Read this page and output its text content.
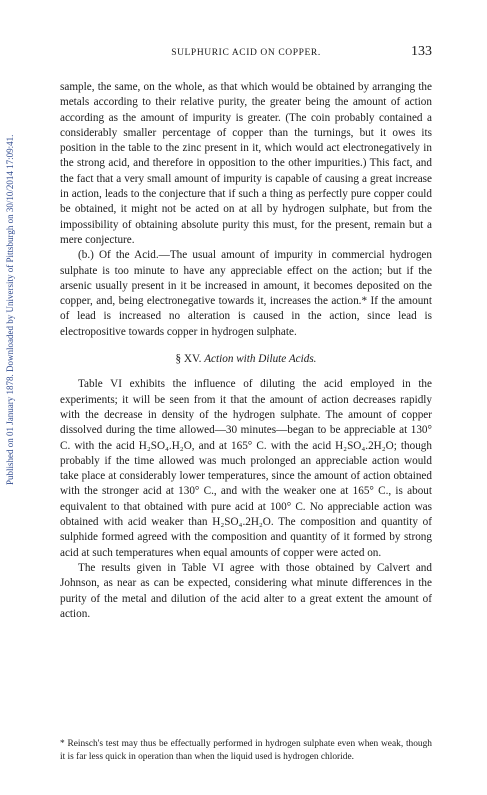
Published on 01 January 1878. Downloaded by University of Pittsburgh on 30/10/2014 17:09:41.
SULPHURIC ACID ON COPPER.	133

sample, the same, on the whole, as that which would be obtained by arranging the metals according to their relative purity, the greater being the amount of action according as the amount of impurity is greater. (The coin probably contained a considerably smaller percentage of copper than the turnings, but it owes its position in the table to the zinc present in it, which would act electronegatively in the strong acid, and therefore in opposition to the other impurities.) This fact, and the fact that a very small amount of impurity is capable of causing a great increase in action, leads to the conjecture that if such a thing as perfectly pure copper could be obtained, it might not be acted on at all by hydrogen sulphate, but from the impossibility of obtaining absolute purity this must, for the present, remain but a mere conjecture.

(b.) Of the Acid.—The usual amount of impurity in commercial hydrogen sulphate is too minute to have any appreciable effect on the action; but if the arsenic usually present in it be increased in amount, it becomes deposited on the copper, and, being electronegative towards it, increases the action.* If the amount of lead is increased no alteration is caused in the action, since lead is electropositive towards copper in hydrogen sulphate.

§ XV. Action with Dilute Acids.

Table VI exhibits the influence of diluting the acid employed in the experiments; it will be seen from it that the amount of action decreases rapidly with the decrease in density of the hydrogen sulphate. The amount of copper dissolved during the time allowed—30 minutes—began to be appreciable at 130° C. with the acid H₂SO₄.H₂O, and at 165° C. with the acid H₂SO₄.2H₂O; though probably if the time allowed was much prolonged an appreciable action would take place at considerably lower temperatures, since the amount of action obtained with the stronger acid at 130° C., and with the weaker one at 165° C., is about equivalent to that obtained with pure acid at 100° C. No appreciable action was obtained with acid weaker than H₂SO₄.2H₂O. The composition and quantity of sulphide formed agreed with the composition and quantity of it formed by strong acid at such temperatures when equal amounts of copper were acted on.

The results given in Table VI agree with those obtained by Calvert and Johnson, as near as can be expected, considering what minute differences in the purity of the metal and dilution of the acid alter to a great extent the amount of action.

* Reinsch's test may thus be effectually performed in hydrogen sulphate even when weak, though it is far less quick in operation than when the liquid used is hydrogen chloride.
